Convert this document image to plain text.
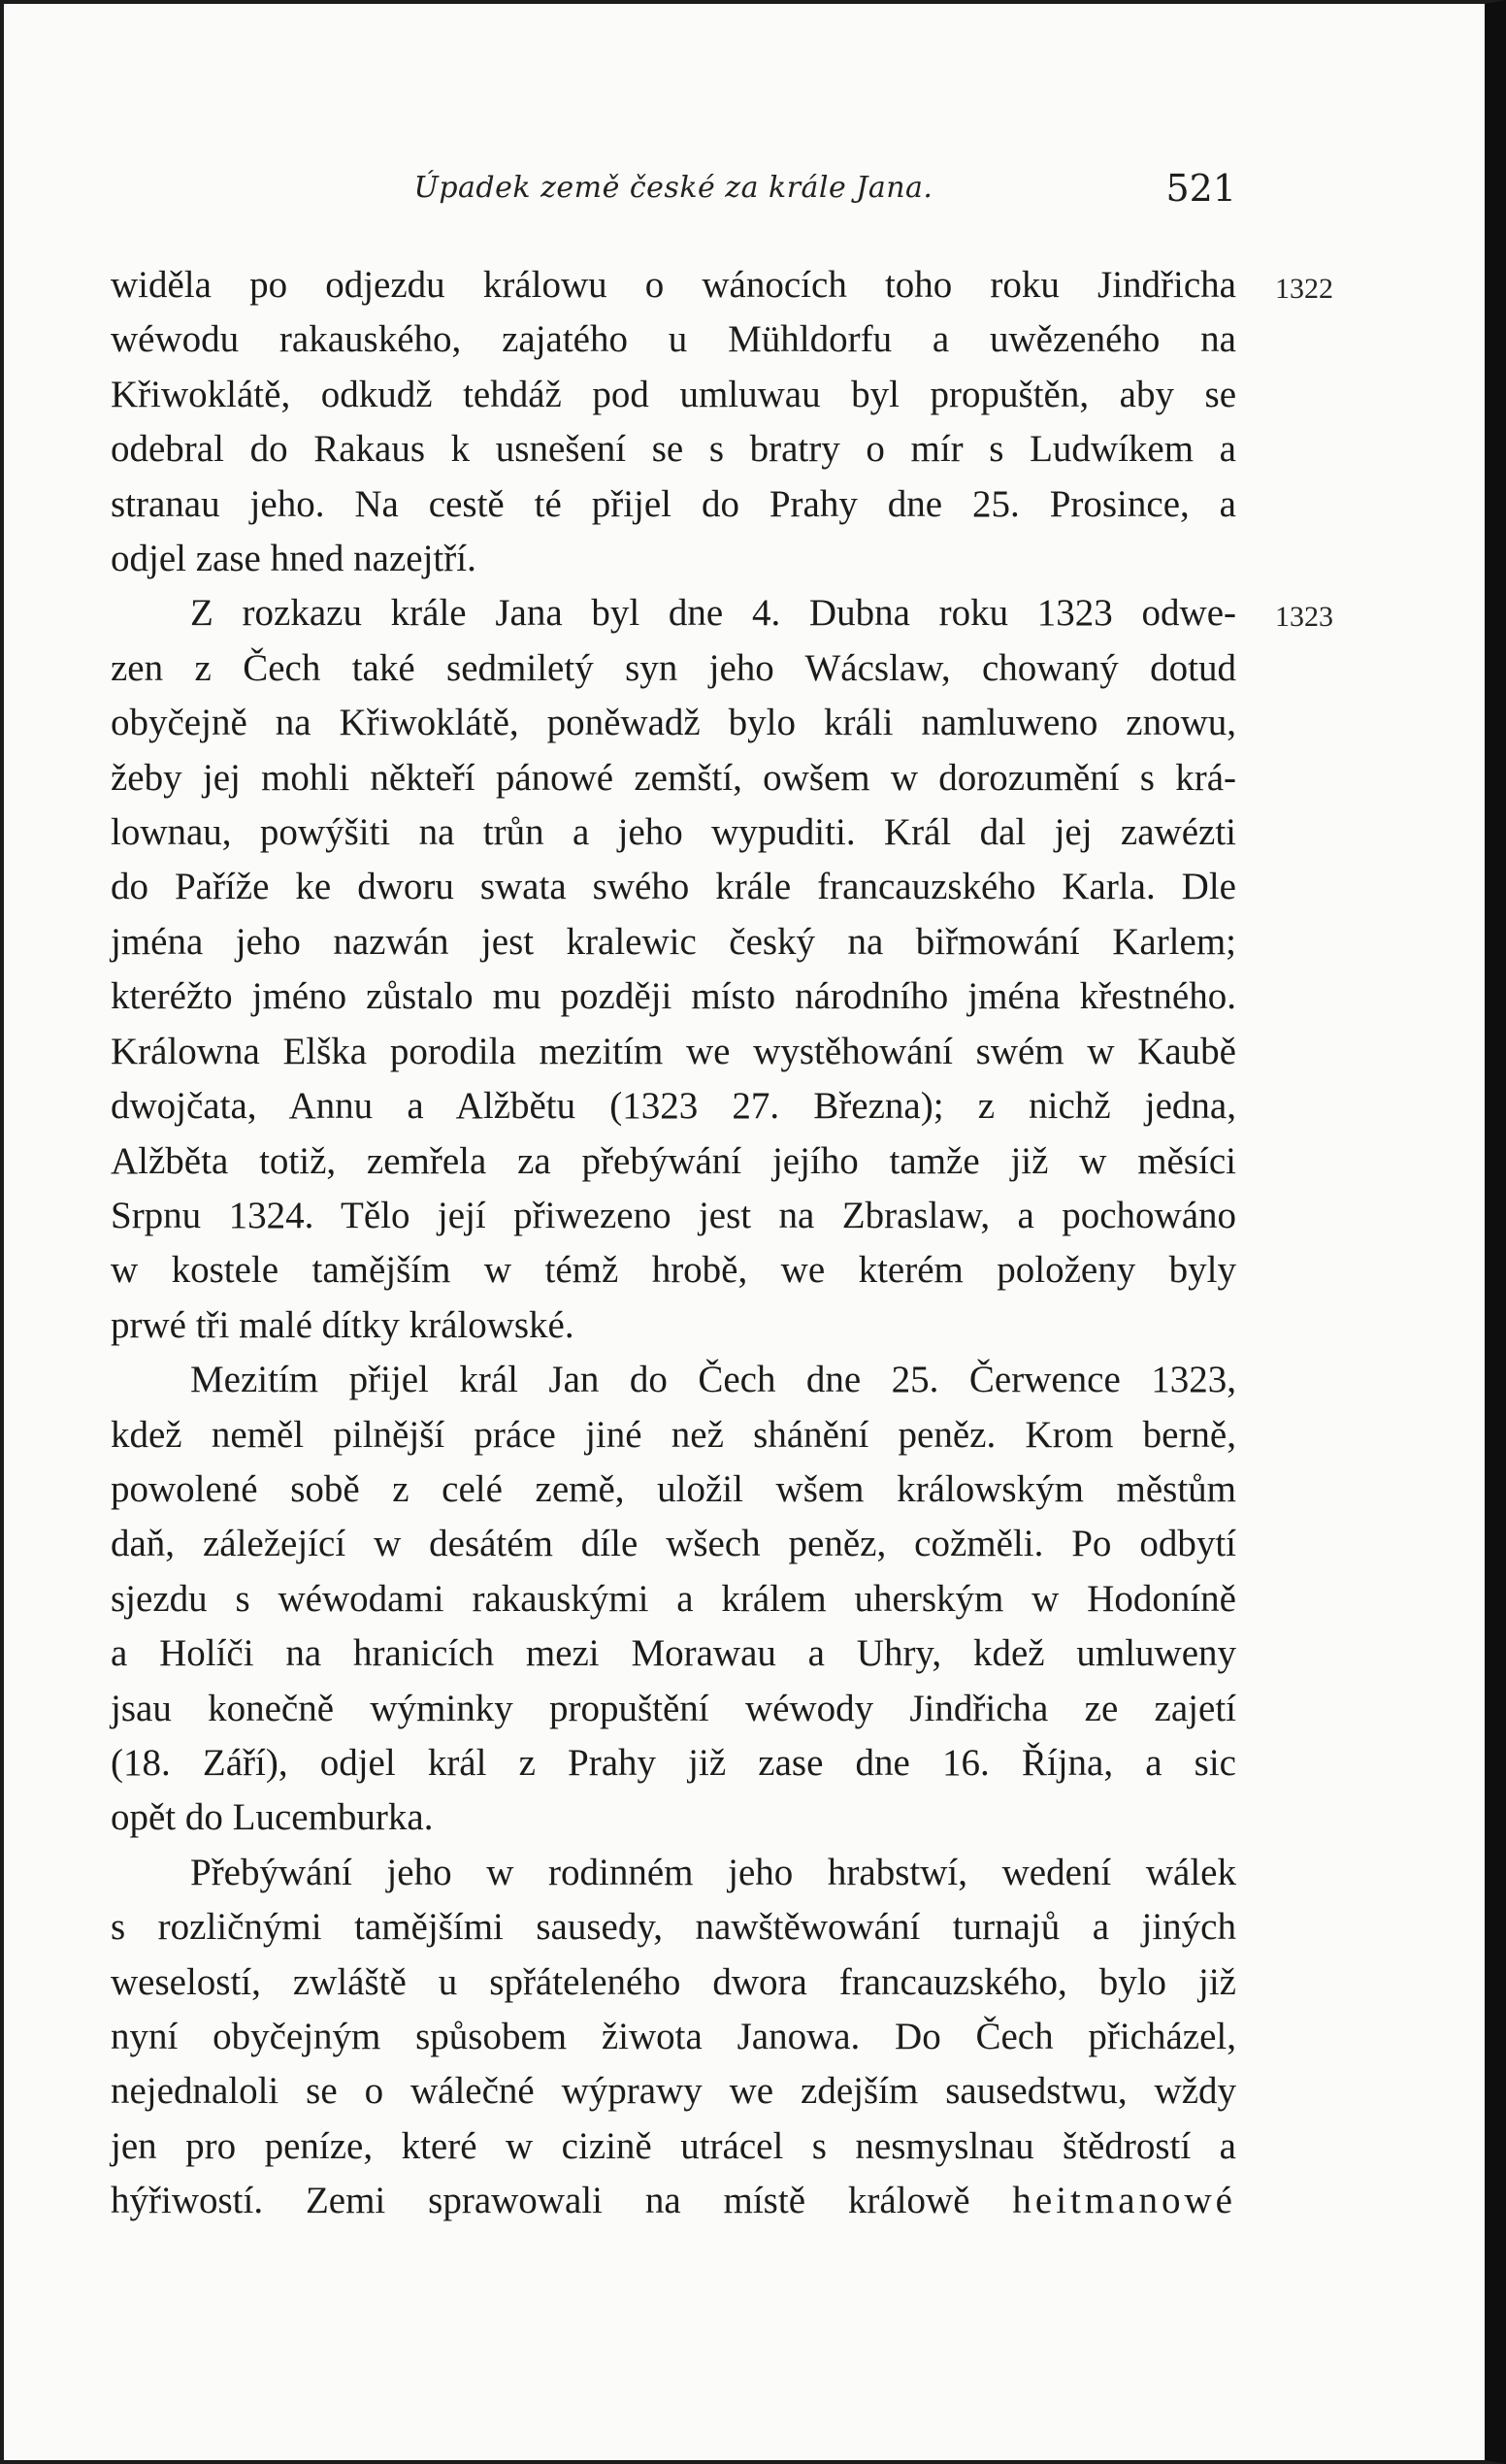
Úpadek země české za krále Jana.	521
1322
widěla po odjezdu králowu o wánocích toho roku Jindřicha
wéwodu rakauského, zajatého u Mühldorfu a uwězeného na
Křiwoklátě, odkudž tehdáž pod umluwau byl propuštěn, aby se
odebral do Rakaus k usnešení se s bratry o mír s Ludwíkem a
stranau jeho. Na cestě té přijel do Prahy dne 25. Prosince, a
odjel zase hned nazejtří.
1323
Z rozkazu krále Jana byl dne 4. Dubna roku 1323 odwe-
zen z Čech také sedmiletý syn jeho Wácslaw, chowaný dotud
obyčejně na Křiwoklátě, poněwadž bylo králi namluweno znowu,
žeby jej mohli někteří pánowé zemští, owšem w dorozumění s krá-
lownau, powýšiti na trůn a jeho wypuditi. Král dal jej zawézti
do Paříže ke dworu swata swého krále francauzského Karla. Dle
jména jeho nazwán jest kralewic český na biřmowání Karlem;
kteréžto jméno zůstalo mu později místo národního jména křestného.
Králowna Elška porodila mezitím we wystěhowání swém w Kaubě
dwojčata, Annu a Alžbětu (1323 27. Března); z nichž jedna,
Alžběta totiž, zemřela za přebýwání jejího tamže již w měsíci
Srpnu 1324. Tělo její přiwezeno jest na Zbraslaw, a pochowáno
w kostele tamějším w témž hrobě, we kterém položeny byly
prwé tři malé dítky králowské.
Mezitím přijel král Jan do Čech dne 25. Čerwence 1323,
kdež neměl pilnější práce jiné než shánění peněz. Krom berně,
powolené sobě z celé země, uložil wšem králowským městům
daň, záležející w desátém díle wšech peněz, cožměli. Po odbytí
sjezdu s wéwodami rakauskými a králem uherským w Hodoníně
a Holíči na hranicích mezi Morawau a Uhry, kdež umluweny
jsau konečně wýminky propuštění wéwody Jindřicha ze zajetí
(18. Září), odjel král z Prahy již zase dne 16. Října, a sic
opět do Lucemburka.
Přebýwání jeho w rodinném jeho hrabstwí, wedení wálek
s rozličnými tamějšími sausedy, nawštěwowání turnajů a jiných
weselostí, zwláště u spřáteleného dwora francauzského, bylo již
nyní obyčejným spůsobem žiwota Janowa. Do Čech přicházel,
nejednaloli se o wálečné wýprawy we zdejším sausedstwu, wždy
jen pro peníze, které w cizině utrácel s nesmyslnau štědrostí a
hýřiwostí. Zemi sprawowali na místě králowě heitmanowé
